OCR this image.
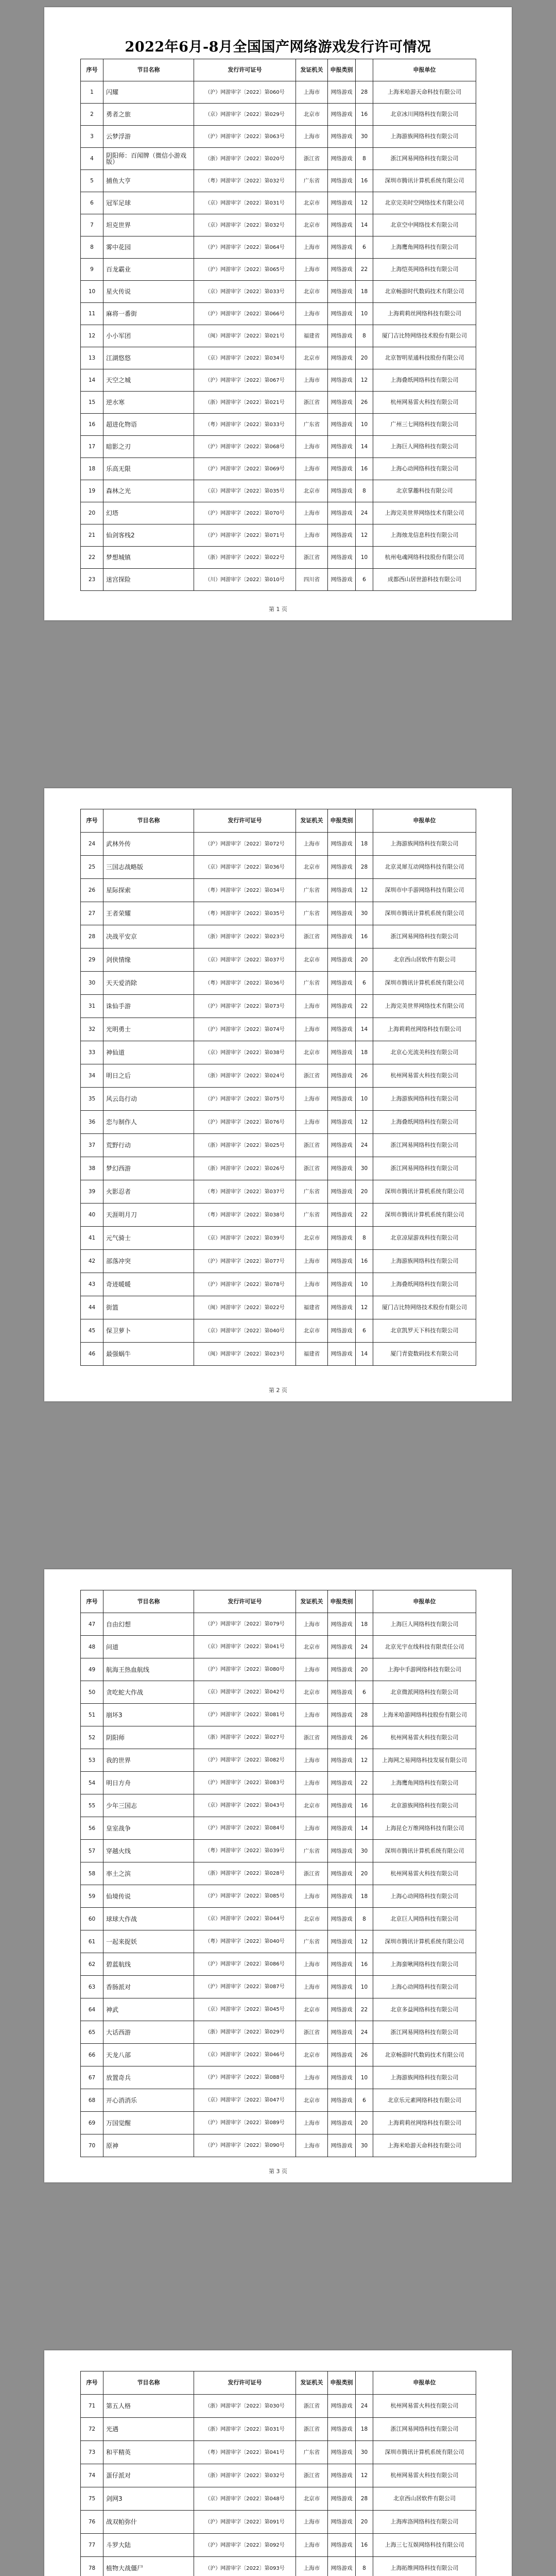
2022年6月-8月全国国产网络游戏发行许可情况
序号	节目名称	发行许可证号	发证机关	申报类别		申报单位
1	闪耀	（沪）网游审字〔2022〕第060号	上海市	网络游戏	28	上海米哈游天命科技有限公司
2	勇者之旅	（京）网游审字〔2022〕第029号	北京市	网络游戏	16	北京冰川网络科技有限公司
3	云梦浮游	（沪）网游审字〔2022〕第063号	上海市	网络游戏	30	上海游族网络科技有限公司
4	阴阳师：百闻牌（微信小游戏版）	（浙）网游审字〔2022〕第020号	浙江省	网络游戏	8	浙江网易网络科技有限公司
5	捕鱼大亨	（粤）网游审字〔2022〕第032号	广东省	网络游戏	16	深圳市腾讯计算机系统有限公司
6	冠军足球	（京）网游审字〔2022〕第031号	北京市	网络游戏	12	北京完美时空网络技术有限公司
7	坦克世界	（京）网游审字〔2022〕第032号	北京市	网络游戏	14	北京空中网络技术有限公司
8	雾中花园	（沪）网游审字〔2022〕第064号	上海市	网络游戏	6	上海鹰角网络科技有限公司
9	百龙霸业	（沪）网游审字〔2022〕第065号	上海市	网络游戏	22	上海恺英网络科技有限公司
10	星火传说	（京）网游审字〔2022〕第033号	北京市	网络游戏	18	北京畅游时代数码技术有限公司
11	麻将一番街	（沪）网游审字〔2022〕第066号	上海市	网络游戏	10	上海莉莉丝网络科技有限公司
12	小小军团	（闽）网游审字〔2022〕第021号	福建省	网络游戏	8	厦门吉比特网络技术股份有限公司
13	江湖悠悠	（京）网游审字〔2022〕第034号	北京市	网络游戏	20	北京智明星通科技股份有限公司
14	天空之城	（沪）网游审字〔2022〕第067号	上海市	网络游戏	12	上海叠纸网络科技有限公司
15	逆水寒	（浙）网游审字〔2022〕第021号	浙江省	网络游戏	26	杭州网易雷火科技有限公司
16	超进化物语	（粤）网游审字〔2022〕第033号	广东省	网络游戏	10	广州三七网络科技有限公司
17	暗影之刃	（沪）网游审字〔2022〕第068号	上海市	网络游戏	14	上海巨人网络科技有限公司
18	乐高无限	（沪）网游审字〔2022〕第069号	上海市	网络游戏	16	上海心动网络科技有限公司
19	森林之光	（京）网游审字〔2022〕第035号	北京市	网络游戏	8	北京掌趣科技有限公司
20	幻塔	（沪）网游审字〔2022〕第070号	上海市	网络游戏	24	上海完美世界网络技术有限公司
21	仙剑客栈2	（沪）网游审字〔2022〕第071号	上海市	网络游戏	12	上海烛龙信息科技有限公司
22	梦想城镇	（浙）网游审字〔2022〕第022号	浙江省	网络游戏	10	杭州电魂网络科技股份有限公司
23	迷宫探险	（川）网游审字〔2022〕第010号	四川省	网络游戏	6	成都西山居世游科技有限公司
第 1 页
序号	节目名称	发行许可证号	发证机关	申报类别		申报单位
24	武林外传	（沪）网游审字〔2022〕第072号	上海市	网络游戏	18	上海游族网络科技有限公司
25	三国志战略版	（京）网游审字〔2022〕第036号	北京市	网络游戏	28	北京灵犀互动网络科技有限公司
26	星际探索	（粤）网游审字〔2022〕第034号	广东省	网络游戏	12	深圳市中手游网络科技有限公司
27	王者荣耀	（粤）网游审字〔2022〕第035号	广东省	网络游戏	30	深圳市腾讯计算机系统有限公司
28	决战平安京	（浙）网游审字〔2022〕第023号	浙江省	网络游戏	16	浙江网易网络科技有限公司
29	剑侠情缘	（京）网游审字〔2022〕第037号	北京市	网络游戏	20	北京西山居软件有限公司
30	天天爱消除	（粤）网游审字〔2022〕第036号	广东省	网络游戏	6	深圳市腾讯计算机系统有限公司
31	诛仙手游	（沪）网游审字〔2022〕第073号	上海市	网络游戏	22	上海完美世界网络技术有限公司
32	光明勇士	（沪）网游审字〔2022〕第074号	上海市	网络游戏	14	上海莉莉丝网络科技有限公司
33	神仙道	（京）网游审字〔2022〕第038号	北京市	网络游戏	18	北京心光流美科技有限公司
34	明日之后	（浙）网游审字〔2022〕第024号	浙江省	网络游戏	26	杭州网易雷火科技有限公司
35	风云岛行动	（沪）网游审字〔2022〕第075号	上海市	网络游戏	10	上海游族网络科技有限公司
36	恋与制作人	（沪）网游审字〔2022〕第076号	上海市	网络游戏	12	上海叠纸网络科技有限公司
37	荒野行动	（浙）网游审字〔2022〕第025号	浙江省	网络游戏	24	浙江网易网络科技有限公司
38	梦幻西游	（浙）网游审字〔2022〕第026号	浙江省	网络游戏	30	浙江网易网络科技有限公司
39	火影忍者	（粤）网游审字〔2022〕第037号	广东省	网络游戏	20	深圳市腾讯计算机系统有限公司
40	天涯明月刀	（粤）网游审字〔2022〕第038号	广东省	网络游戏	22	深圳市腾讯计算机系统有限公司
41	元气骑士	（京）网游审字〔2022〕第039号	北京市	网络游戏	8	北京凉屋游戏科技有限公司
42	部落冲突	（沪）网游审字〔2022〕第077号	上海市	网络游戏	16	上海游族网络科技有限公司
43	奇迹暖暖	（沪）网游审字〔2022〕第078号	上海市	网络游戏	10	上海叠纸网络科技有限公司
44	街篮	（闽）网游审字〔2022〕第022号	福建省	网络游戏	12	厦门吉比特网络技术股份有限公司
45	保卫萝卜	（京）网游审字〔2022〕第040号	北京市	网络游戏	6	北京凯罗天下科技有限公司
46	最强蜗牛	（闽）网游审字〔2022〕第023号	福建省	网络游戏	14	厦门青瓷数码技术有限公司
第 2 页
序号	节目名称	发行许可证号	发证机关	申报类别		申报单位
47	自由幻想	（沪）网游审字〔2022〕第079号	上海市	网络游戏	18	上海巨人网络科技有限公司
48	问道	（京）网游审字〔2022〕第041号	北京市	网络游戏	24	北京光宇在线科技有限责任公司
49	航海王热血航线	（沪）网游审字〔2022〕第080号	上海市	网络游戏	20	上海中手游网络科技有限公司
50	贪吃蛇大作战	（京）网游审字〔2022〕第042号	北京市	网络游戏	6	北京微派网络科技有限公司
51	崩坏3	（沪）网游审字〔2022〕第081号	上海市	网络游戏	28	上海米哈游网络科技股份有限公司
52	阴阳师	（浙）网游审字〔2022〕第027号	浙江省	网络游戏	26	杭州网易雷火科技有限公司
53	我的世界	（沪）网游审字〔2022〕第082号	上海市	网络游戏	12	上海网之易网络科技发展有限公司
54	明日方舟	（沪）网游审字〔2022〕第083号	上海市	网络游戏	22	上海鹰角网络科技有限公司
55	少年三国志	（京）网游审字〔2022〕第043号	北京市	网络游戏	16	北京游族网络科技有限公司
56	皇室战争	（沪）网游审字〔2022〕第084号	上海市	网络游戏	14	上海昆仑万维网络科技有限公司
57	穿越火线	（粤）网游审字〔2022〕第039号	广东省	网络游戏	30	深圳市腾讯计算机系统有限公司
58	率土之滨	（浙）网游审字〔2022〕第028号	浙江省	网络游戏	20	杭州网易雷火科技有限公司
59	仙境传说	（沪）网游审字〔2022〕第085号	上海市	网络游戏	18	上海心动网络科技有限公司
60	球球大作战	（京）网游审字〔2022〕第044号	北京市	网络游戏	8	北京巨人网络科技有限公司
61	一起来捉妖	（粤）网游审字〔2022〕第040号	广东省	网络游戏	12	深圳市腾讯计算机系统有限公司
62	碧蓝航线	（沪）网游审字〔2022〕第086号	上海市	网络游戏	16	上海蛮啾网络科技有限公司
63	香肠派对	（沪）网游审字〔2022〕第087号	上海市	网络游戏	10	上海心动网络科技有限公司
64	神武	（京）网游审字〔2022〕第045号	北京市	网络游戏	22	北京多益网络科技有限公司
65	大话西游	（浙）网游审字〔2022〕第029号	浙江省	网络游戏	24	浙江网易网络科技有限公司
66	天龙八部	（京）网游审字〔2022〕第046号	北京市	网络游戏	26	北京畅游时代数码技术有限公司
67	放置奇兵	（沪）网游审字〔2022〕第088号	上海市	网络游戏	10	上海游族网络科技有限公司
68	开心消消乐	（京）网游审字〔2022〕第047号	北京市	网络游戏	6	北京乐元素网络科技有限公司
69	万国觉醒	（沪）网游审字〔2022〕第089号	上海市	网络游戏	20	上海莉莉丝网络科技有限公司
70	原神	（沪）网游审字〔2022〕第090号	上海市	网络游戏	30	上海米哈游天命科技有限公司
第 3 页
序号	节目名称	发行许可证号	发证机关	申报类别		申报单位
71	第五人格	（浙）网游审字〔2022〕第030号	浙江省	网络游戏	24	杭州网易雷火科技有限公司
72	光遇	（浙）网游审字〔2022〕第031号	浙江省	网络游戏	18	浙江网易网络科技有限公司
73	和平精英	（粤）网游审字〔2022〕第041号	广东省	网络游戏	30	深圳市腾讯计算机系统有限公司
74	蛋仔派对	（浙）网游审字〔2022〕第032号	浙江省	网络游戏	12	杭州网易雷火科技有限公司
75	剑网3	（京）网游审字〔2022〕第048号	北京市	网络游戏	28	北京西山居软件有限公司
76	战双帕弥什	（沪）网游审字〔2022〕第091号	上海市	网络游戏	20	上海库洛网络科技有限公司
77	斗罗大陆	（沪）网游审字〔2022〕第092号	上海市	网络游戏	16	上海三七互娱网络科技有限公司
78	植物大战僵尸	（沪）网游审字〔2022〕第093号	上海市	网络游戏	8	上海拓维网络科技有限公司
